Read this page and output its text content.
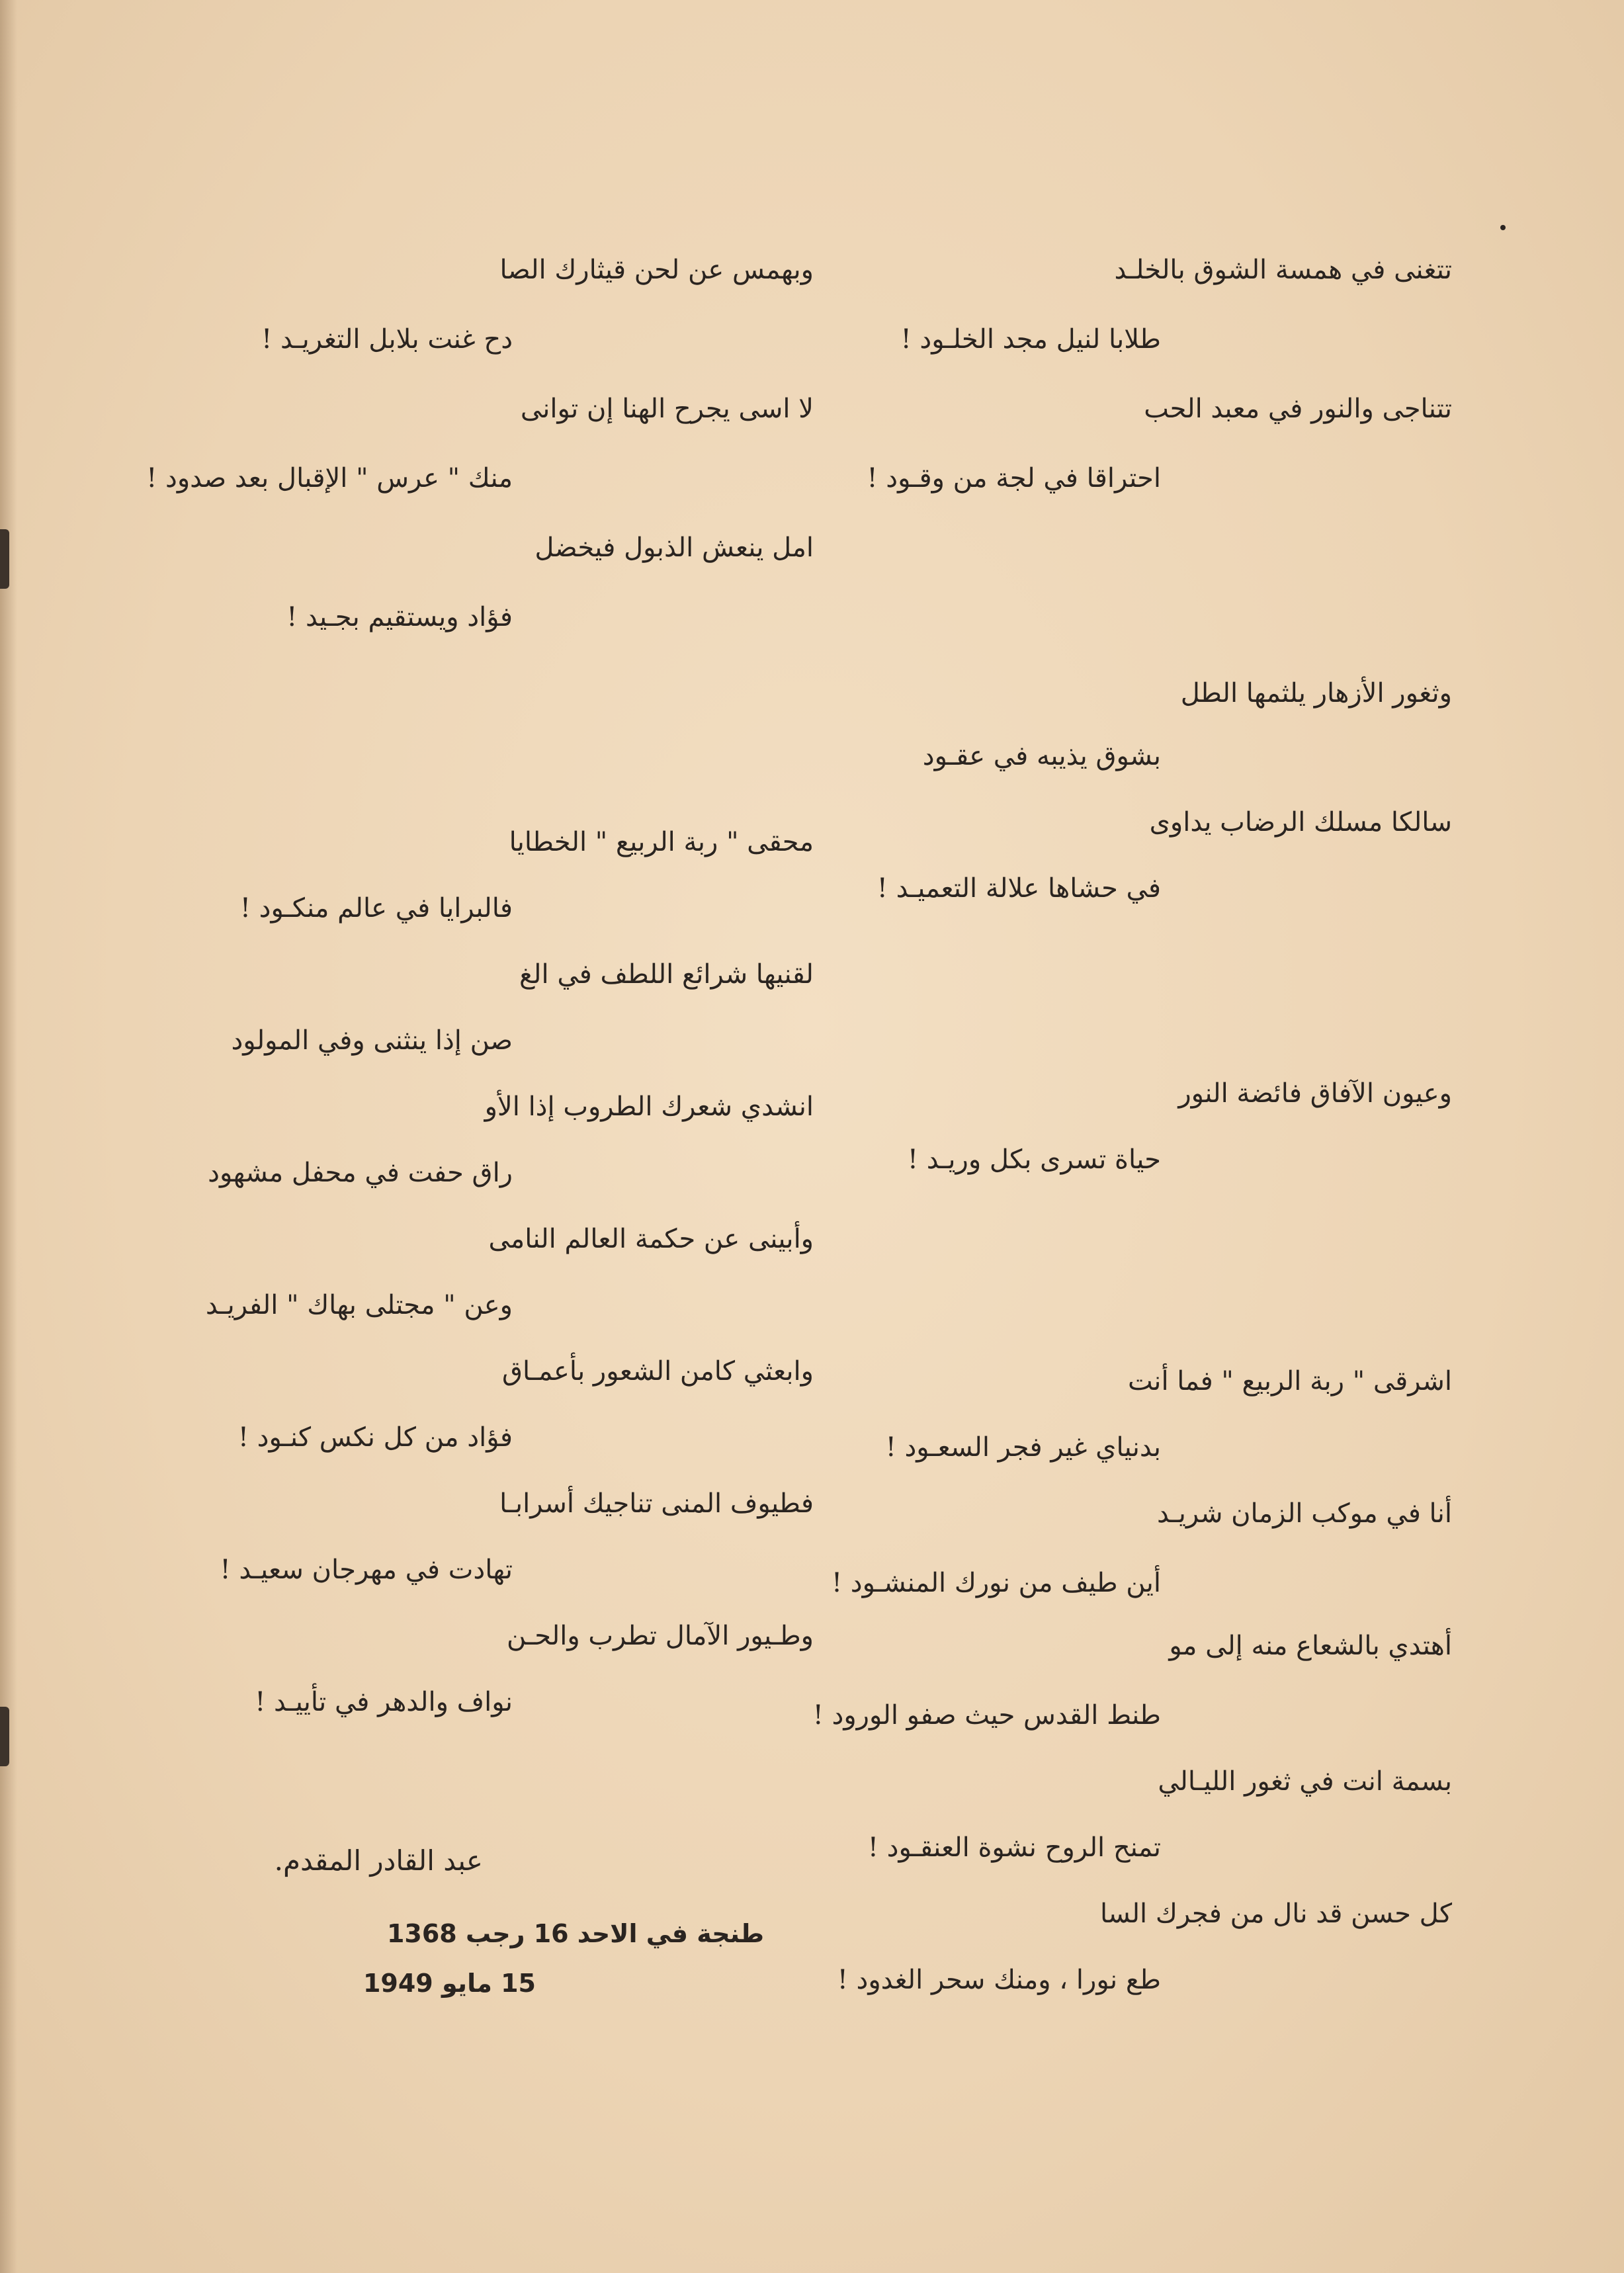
تتغنى في همسة الشوق بالخلـد
طلابا لنيل مجد الخلـود !
تتناجى والنور في معبد الحب
احتراقا في لجة من وقـود !
وثغور الأزهار يلثمها الطل
بشوق يذيبه في عقـود
سالكا مسلك الرضاب يداوى
في حشاها علالة التعميـد !
وعيون الآفاق فائضة النور
حياة تسرى بكل وريـد !
اشرقى " ربة الربيع " فما أنت
بدنياي غير فجر السعـود !
أنا في موكب الزمان شريـد
أين طيف من نورك المنشـود !
أهتدي بالشعاع منه إلى مو
طنط القدس حيث صفو الورود !
بسمة انت في ثغور الليـالي
تمنح الروح نشوة العنقـود !
كل حسن قد نال من فجرك السا
طع نورا ، ومنك سحر الغدود !
وبهمس عن لحن قيثارك الصا
دح غنت بلابل التغريـد !
لا اسى يجرح الهنا إن توانى
منك " عرس " الإقبال بعد صدود !
امل ينعش الذبول فيخضل
فؤاد ويستقيم بجـيد !
محقى " ربة الربيع " الخطايا
فالبرايا في عالم منكـود !
لقنيها شرائع اللطف في الغ
صن إذا ينثنى وفي المولود
انشدي شعرك الطروب إذا الأو
راق حفت في محفل مشهود
وأبينى عن حكمة العالم النامى
وعن " مجتلى بهاك " الفريـد
وابعثي كامن الشعور بأعمـاق
فؤاد من كل نكس كنـود !
فطيوف المنى تناجيك أسرابـا
تهادت في مهرجان سعيـد !
وطـيور الآمال تطرب والحـن
نواف والدهر في تأييـد !
عبد القادر المقدم.
طنجة في الاحد 16 رجب 1368
15 مايو 1949
